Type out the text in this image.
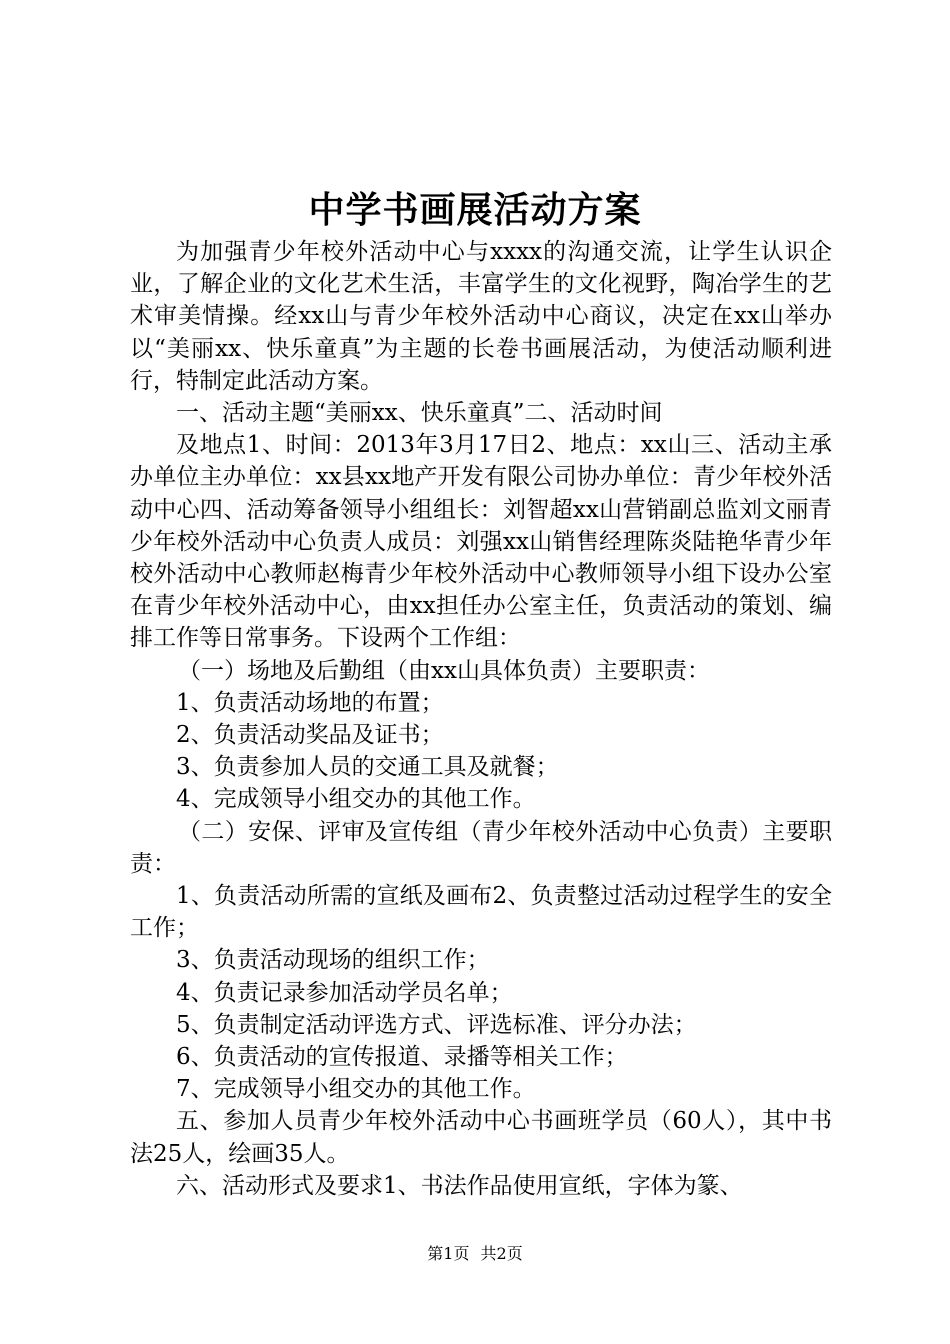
中学书画展活动方案

为加强青少年校外活动中心与xxxx的沟通交流，让学生认识企业，了解企业的文化艺术生活，丰富学生的文化视野，陶冶学生的艺术审美情操。经xx山与青少年校外活动中心商议，决定在xx山举办以“美丽xx、快乐童真”为主题的长卷书画展活动，为使活动顺利进行，特制定此活动方案。

一、活动主题“美丽xx、快乐童真”二、活动时间

及地点1、时间：2013年3月17日2、地点：xx山三、活动主承办单位主办单位：xx县xx地产开发有限公司协办单位：青少年校外活动中心四、活动筹备领导小组组长：刘智超xx山营销副总监刘文丽青少年校外活动中心负责人成员：刘强xx山销售经理陈炎陆艳华青少年校外活动中心教师赵梅青少年校外活动中心教师领导小组下设办公室在青少年校外活动中心，由xx担任办公室主任，负责活动的策划、编排工作等日常事务。下设两个工作组：

（一）场地及后勤组（由xx山具体负责）主要职责：

1、负责活动场地的布置；

2、负责活动奖品及证书；

3、负责参加人员的交通工具及就餐；

4、完成领导小组交办的其他工作。

（二）安保、评审及宣传组（青少年校外活动中心负责）主要职责：

1、负责活动所需的宣纸及画布2、负责整过活动过程学生的安全工作；

3、负责活动现场的组织工作；

4、负责记录参加活动学员名单；

5、负责制定活动评选方式、评选标准、评分办法；

6、负责活动的宣传报道、录播等相关工作；

7、完成领导小组交办的其他工作。

五、参加人员青少年校外活动中心书画班学员（60人），其中书法25人，绘画35人。

六、活动形式及要求1、书法作品使用宣纸，字体为篆、

第1页 共2页
